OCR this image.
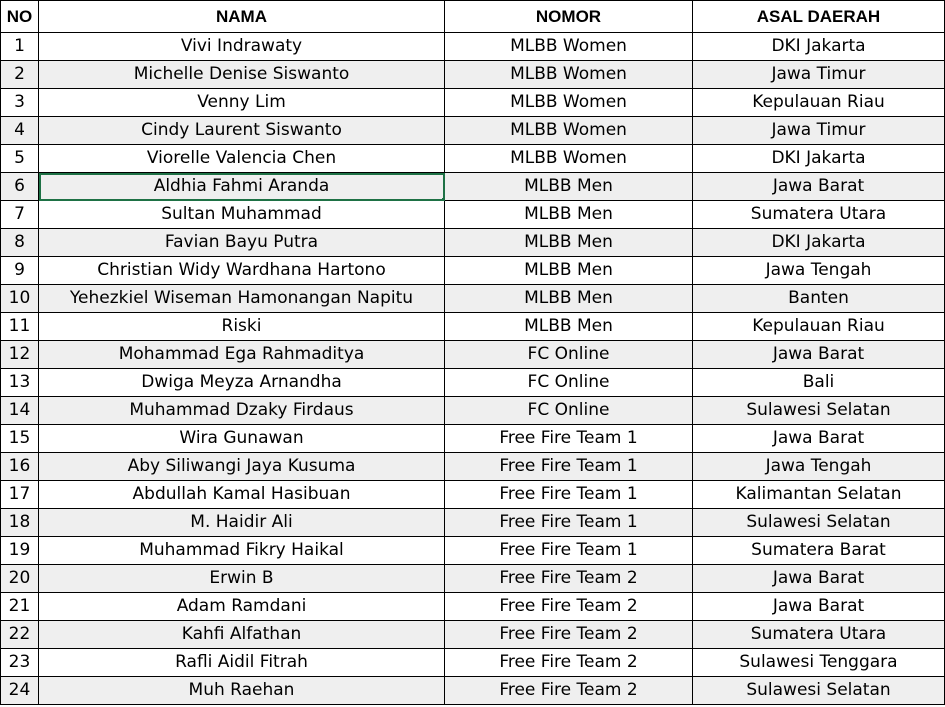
NO	NAMA	NOMOR	ASAL DAERAH
1	Vivi Indrawaty	MLBB Women	DKI Jakarta
2	Michelle Denise Siswanto	MLBB Women	Jawa Timur
3	Venny Lim	MLBB Women	Kepulauan Riau
4	Cindy Laurent Siswanto	MLBB Women	Jawa Timur
5	Viorelle Valencia Chen	MLBB Women	DKI Jakarta
6	Aldhia Fahmi Aranda	MLBB Men	Jawa Barat
7	Sultan Muhammad	MLBB Men	Sumatera Utara
8	Favian Bayu Putra	MLBB Men	DKI Jakarta
9	Christian Widy Wardhana Hartono	MLBB Men	Jawa Tengah
10	Yehezkiel Wiseman Hamonangan Napitu	MLBB Men	Banten
11	Riski	MLBB Men	Kepulauan Riau
12	Mohammad Ega Rahmaditya	FC Online	Jawa Barat
13	Dwiga Meyza Arnandha	FC Online	Bali
14	Muhammad Dzaky Firdaus	FC Online	Sulawesi Selatan
15	Wira Gunawan	Free Fire Team 1	Jawa Barat
16	Aby Siliwangi Jaya Kusuma	Free Fire Team 1	Jawa Tengah
17	Abdullah Kamal Hasibuan	Free Fire Team 1	Kalimantan Selatan
18	M. Haidir Ali	Free Fire Team 1	Sulawesi Selatan
19	Muhammad Fikry Haikal	Free Fire Team 1	Sumatera Barat
20	Erwin B	Free Fire Team 2	Jawa Barat
21	Adam Ramdani	Free Fire Team 2	Jawa Barat
22	Kahfi Alfathan	Free Fire Team 2	Sumatera Utara
23	Rafli Aidil Fitrah	Free Fire Team 2	Sulawesi Tenggara
24	Muh Raehan	Free Fire Team 2	Sulawesi Selatan
